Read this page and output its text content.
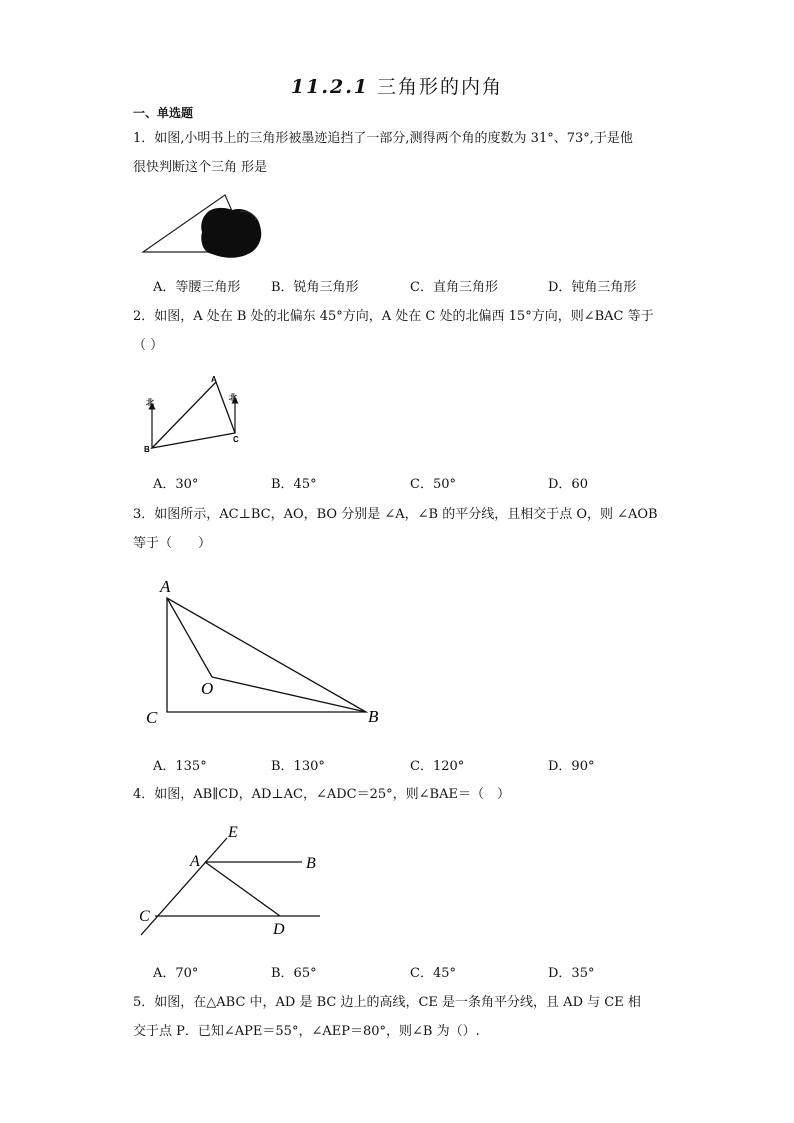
11.2.1 三角形的内角
一、单选题
1．如图,小明书上的三角形被墨迹追挡了一部分,测得两个角的度数为 31°、73°,于是他
很快判断这个三角 形是
A．等腰三角形 B．锐角三角形	C．直角三角形	D．钝角三角形
2．如图，A 处在 B 处的北偏东 45°方向，A 处在 C 处的北偏西 15°方向，则∠BAC 等于
（ ）
A
B
C
北
北
A．30°	B．45°	C．50°	D．60
3．如图所示，AC⊥BC，AO，BO 分别是 ∠A，∠B 的平分线，且相交于点 O，则 ∠AOB
等于（　　）
A
O
C	B
A．135°	B．130°	C．120°	D．90°
4．如图，AB∥CD，AD⊥AC，∠ADC＝25°，则∠BAE＝（　）
E
A	B
C
D
A．70°	B．65°	C．45°	D．35°
5．如图，在△ABC 中，AD 是 BC 边上的高线，CE 是一条角平分线，且 AD 与 CE 相
交于点 P．已知∠APE＝55°，∠AEP＝80°，则∠B 为（）.
